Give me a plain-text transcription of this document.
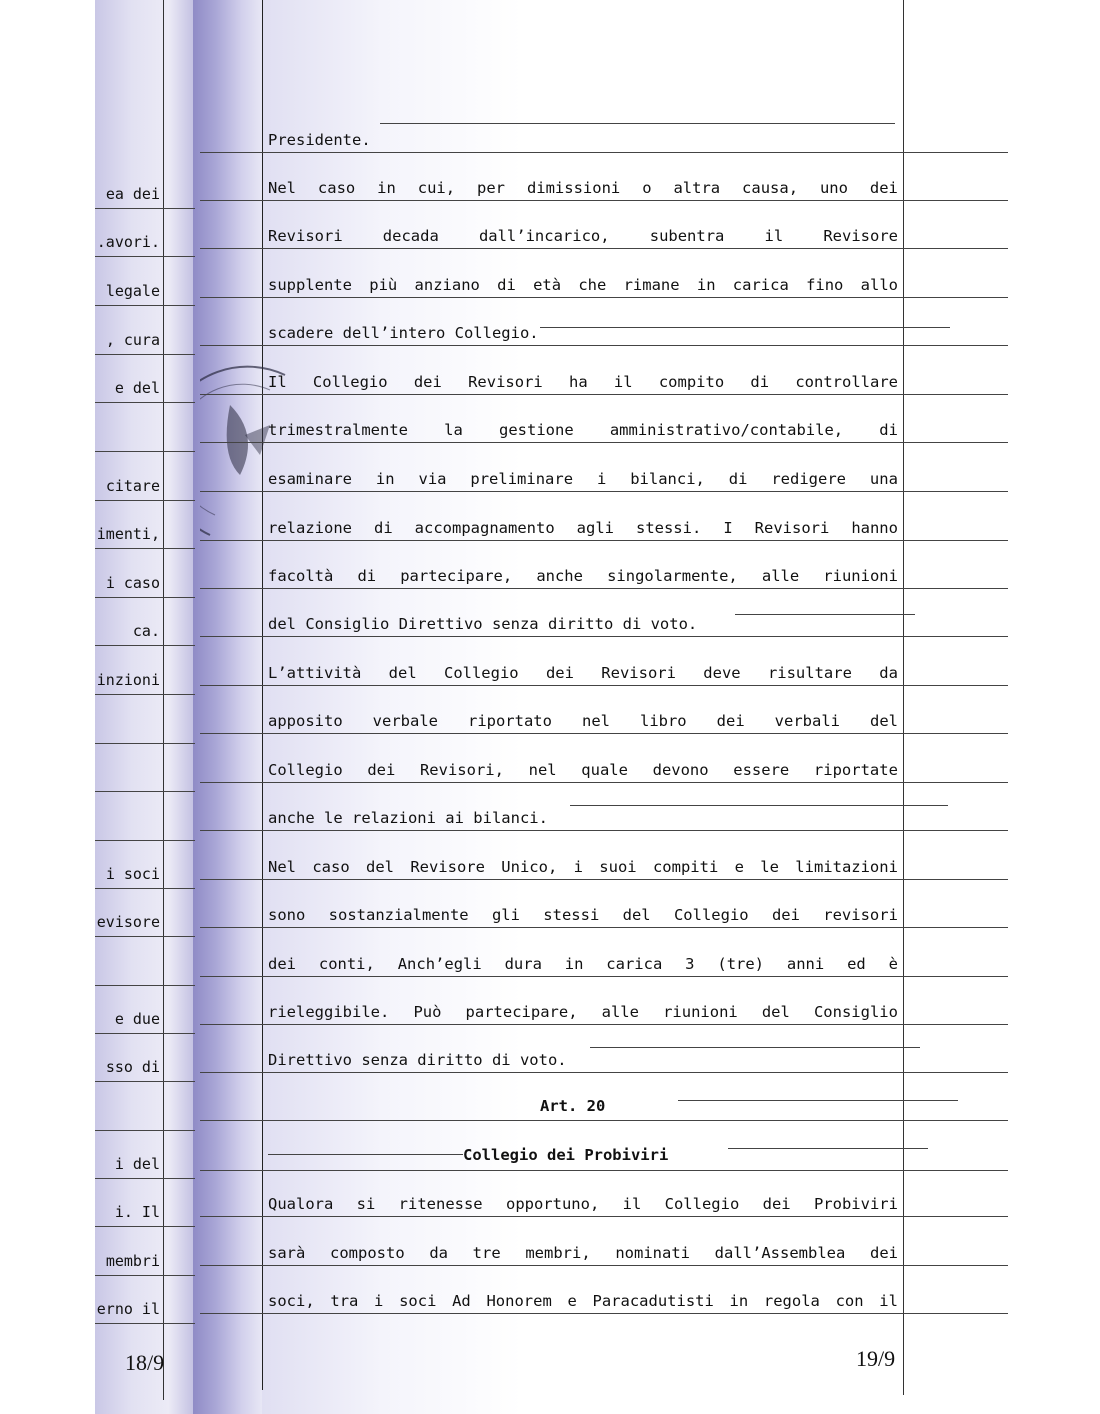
ea dei
.avori.
legale
, cura
e del
citare
imenti,
i caso
ca.
inzioni
i soci
evisore
e due
sso di
i del
i. Il
membri
erno il
18/9
Presidente.
Nel caso in cui, per dimissioni o altra causa, uno dei
Revisori	decada	dall’incarico,	subentra	il	Revisore
supplente più anziano di età che rimane in carica fino allo
scadere dell’intero Collegio.
Il Collegio dei Revisori ha il compito di controllare
trimestralmente la gestione amministrativo/contabile, di
esaminare in via preliminare i bilanci, di redigere una
relazione di accompagnamento agli stessi. I Revisori hanno
facoltà di partecipare, anche singolarmente, alle riunioni
del Consiglio Direttivo senza diritto di voto.
L’attività del Collegio dei Revisori deve risultare da
apposito verbale riportato nel libro dei verbali del
Collegio dei Revisori, nel quale devono essere riportate
anche le relazioni ai bilanci.
Nel caso del Revisore Unico, i suoi compiti e le limitazioni
sono sostanzialmente gli stessi del Collegio dei revisori
dei conti, Anch’egli dura in carica 3 (tre) anni ed è
rieleggibile. Può partecipare, alle riunioni del Consiglio
Direttivo senza diritto di voto.
Qualora si ritenesse opportuno, il Collegio dei Probiviri
sarà composto da tre membri, nominati dall’Assemblea dei
soci, tra i soci Ad Honorem e Paracadutisti in regola con il
Art. 20
Collegio dei Probiviri
19/9
